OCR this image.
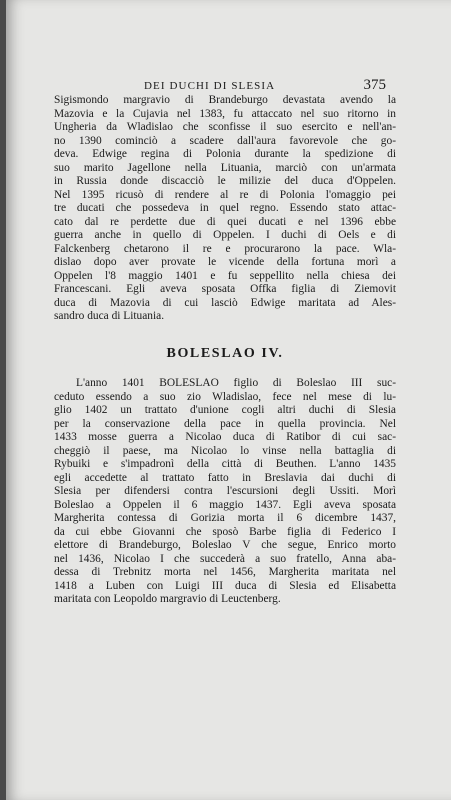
DEI DUCHI DI SLESIA	375
Sigismondo margravio di Brandeburgo devastata avendo la
Mazovia e la Cujavia nel 1383, fu attaccato nel suo ritorno in
Ungheria da Wladislao che sconfisse il suo esercito e nell'an-
no 1390 cominciò a scadere dall'aura favorevole che go-
deva. Edwige regina di Polonia durante la spedizione di
suo marito Jagellone nella Lituania, marciò con un'armata
in Russia donde discacciò le milizie del duca d'Oppelen.
Nel 1395 ricusò di rendere al re di Polonia l'omaggio pei
tre ducati che possedeva in quel regno. Essendo stato attac-
cato dal re perdette due di quei ducati e nel 1396 ebbe
guerra anche in quello di Oppelen. I duchi di Oels e di
Falckenberg chetarono il re e procurarono la pace. Wla-
dislao dopo aver provate le vicende della fortuna morì a
Oppelen l'8 maggio 1401 e fu seppellito nella chiesa dei
Francescani. Egli aveva sposata Offka figlia di Ziemovit
duca di Mazovia di cui lasciò Edwige maritata ad Ales-
sandro duca di Lituania.
BOLESLAO IV.
L'anno 1401 BOLESLAO figlio di Boleslao III suc-
ceduto essendo a suo zio Wladislao, fece nel mese di lu-
glio 1402 un trattato d'unione cogli altri duchi di Slesia
per la conservazione della pace in quella provincia. Nel
1433 mosse guerra a Nicolao duca di Ratibor di cui sac-
cheggiò il paese, ma Nicolao lo vinse nella battaglia di
Rybuiki e s'impadronì della città di Beuthen. L'anno 1435
egli accedette al trattato fatto in Breslavia dai duchi di
Slesia per difendersi contra l'escursioni degli Ussiti. Morì
Boleslao a Oppelen il 6 maggio 1437. Egli aveva sposata
Margherita contessa di Gorizia morta il 6 dicembre 1437,
da cui ebbe Giovanni che sposò Barbe figlia di Federico I
elettore di Brandeburgo, Boleslao V che segue, Enrico morto
nel 1436, Nicolao I che succederà a suo fratello, Anna aba-
dessa di Trebnitz morta nel 1456, Margherita maritata nel
1418 a Luben con Luigi III duca di Slesia ed Elisabetta
maritata con Leopoldo margravio di Leuctenberg.
